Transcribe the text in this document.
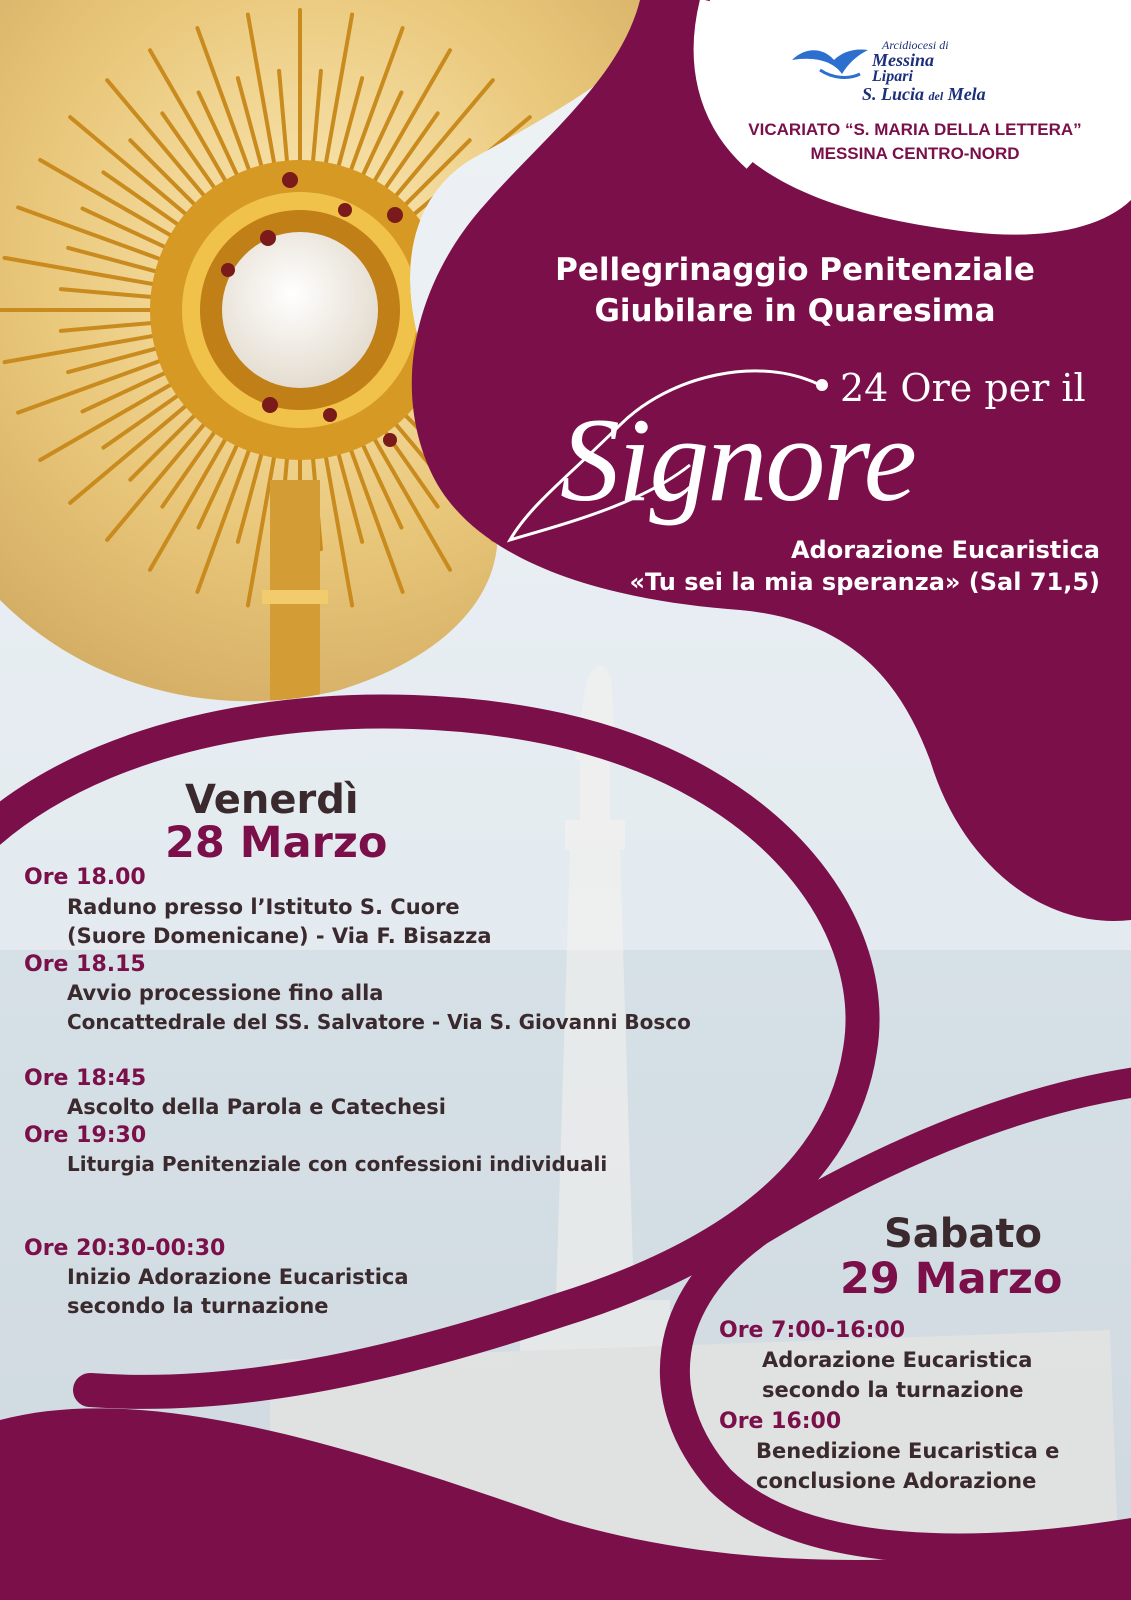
Arcidiocesi di
Messina
Lipari
S. Lucia del Mela
VICARIATO “S. MARIA DELLA LETTERA”
MESSINA CENTRO-NORD
Pellegrinaggio Penitenziale
Giubilare in Quaresima
24 Ore per il
Signore
Adorazione Eucaristica
«Tu sei la mia speranza» (Sal 71,5)
Venerdì
28 Marzo
Ore 18.00
Raduno presso l’Istituto S. Cuore
(Suore Domenicane) - Via F. Bisazza
Ore 18.15
Avvio processione fino alla
Concattedrale del SS. Salvatore - Via S. Giovanni Bosco
Ore 18:45
Ascolto della Parola e Catechesi
Ore 19:30
Liturgia Penitenziale con confessioni individuali
Ore 20:30-00:30
Inizio Adorazione Eucaristica
secondo la turnazione
Sabato
29 Marzo
Ore 7:00-16:00
Adorazione Eucaristica
secondo la turnazione
Ore 16:00
Benedizione Eucaristica e
conclusione Adorazione
